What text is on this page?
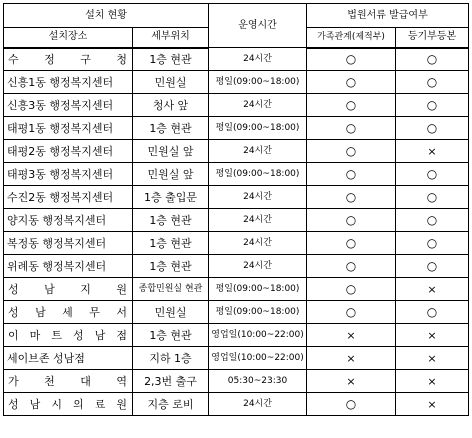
설치 현황		운영시간	법원서류 발급여부	
설치장소	세부위치		가족관계(제적부)	등기부등본
수 정 구 청	1층 현관	24시간	○	○
신흥1동 행정복지센터	민원실	평일(09:00~18:00)	○	○
신흥3동 행정복지센터	청사 앞	24시간	○	○
태평1동 행정복지센터	1층 현관	평일(09:00~18:00)	○	○
태평2동 행정복지센터	민원실 앞	24시간	○	×
태평3동 행정복지센터	민원실 앞	평일(09:00~18:00)	○	○
수진2동 행정복지센터	1층 출입문	24시간	○	○
양지동 행정복지센터	1층 현관	24시간	○	○
복정동 행정복지센터	1층 현관	24시간	○	○
위례동 행정복지센터	1층 현관	24시간	○	○
성 남 지 원	종합민원실 현관	평일(09:00~18:00)	○	×
성 남 세 무 서	민원실	평일(09:00~18:00)	○	○
이 마 트 성 남 점	1층 현관	영업일(10:00~22:00)	×	×
세이브존 성남점	지하 1층	영업일(10:00~22:00)	×	×
가 천 대 역	2,3번 출구	05:30~23:30	×	×
성 남 시 의 료 원	지층 로비	24시간	○	×
